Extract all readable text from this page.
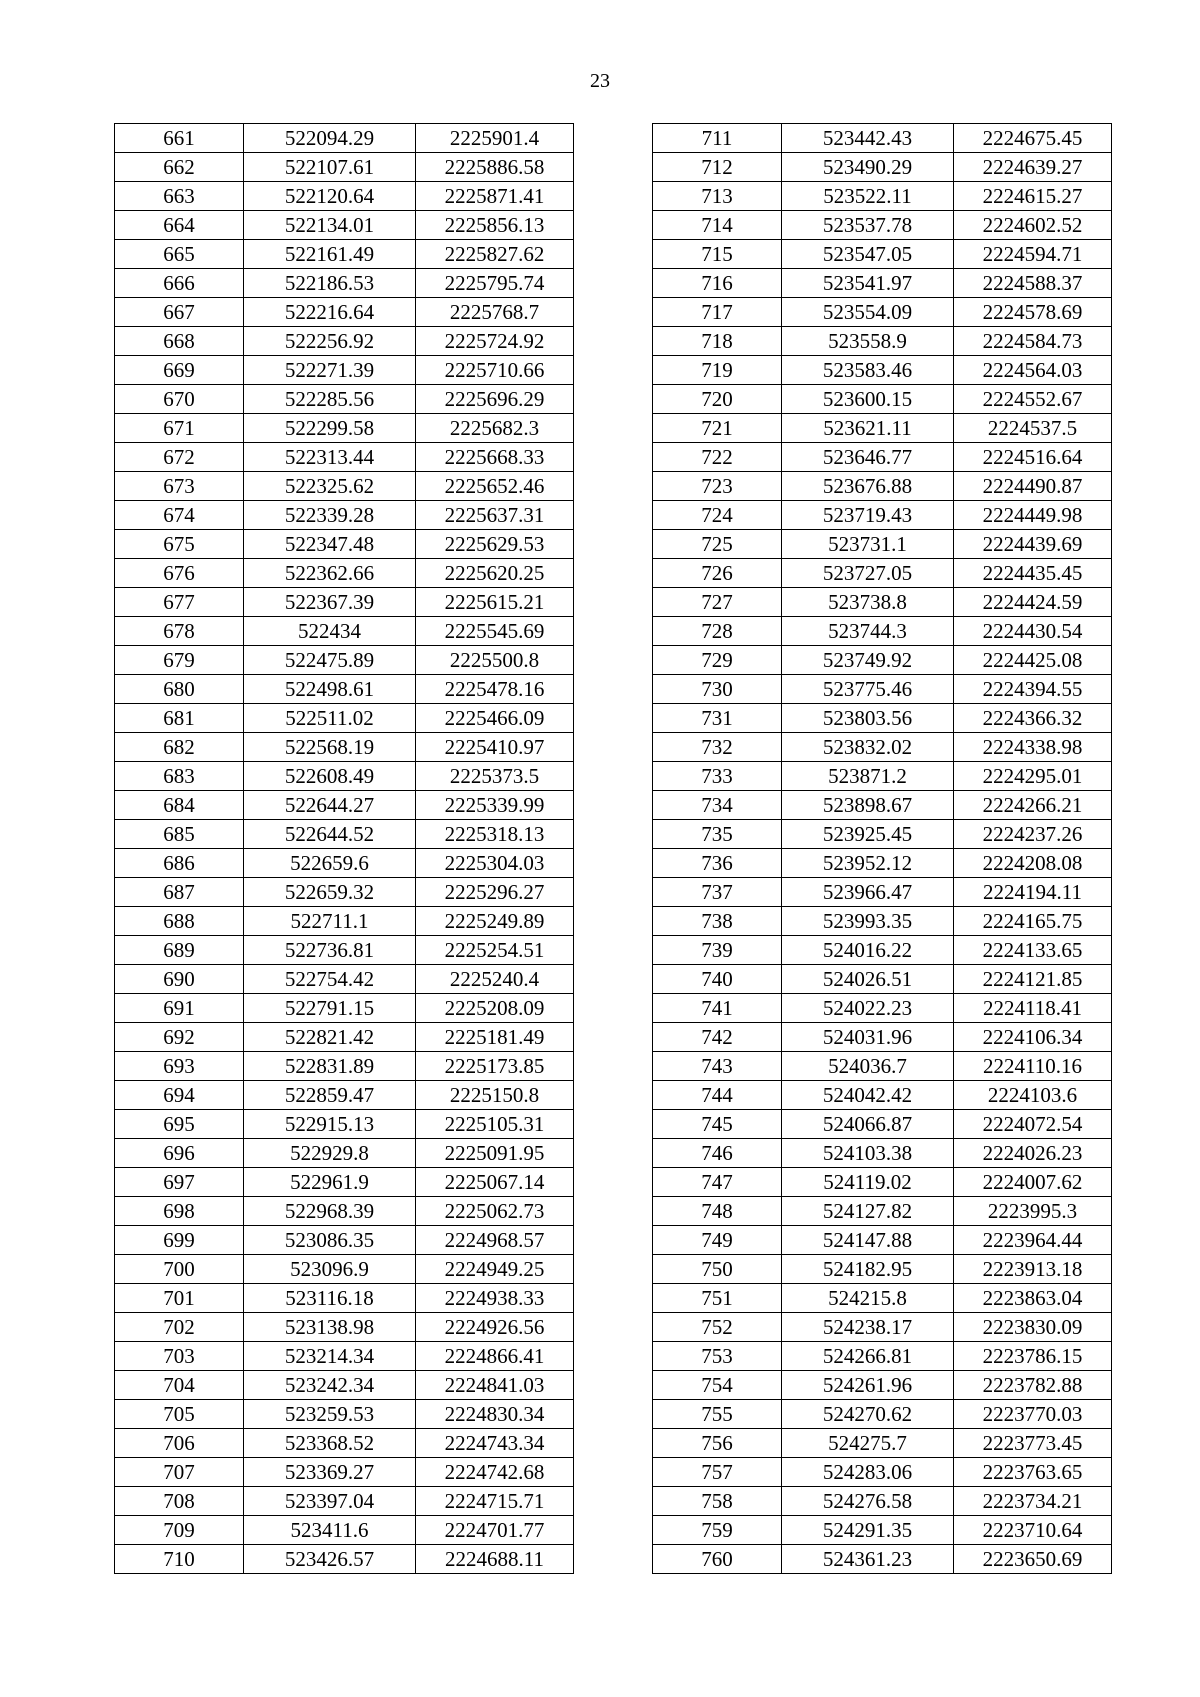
23
661	522094.29	2225901.4
662	522107.61	2225886.58
663	522120.64	2225871.41
664	522134.01	2225856.13
665	522161.49	2225827.62
666	522186.53	2225795.74
667	522216.64	2225768.7
668	522256.92	2225724.92
669	522271.39	2225710.66
670	522285.56	2225696.29
671	522299.58	2225682.3
672	522313.44	2225668.33
673	522325.62	2225652.46
674	522339.28	2225637.31
675	522347.48	2225629.53
676	522362.66	2225620.25
677	522367.39	2225615.21
678	522434	2225545.69
679	522475.89	2225500.8
680	522498.61	2225478.16
681	522511.02	2225466.09
682	522568.19	2225410.97
683	522608.49	2225373.5
684	522644.27	2225339.99
685	522644.52	2225318.13
686	522659.6	2225304.03
687	522659.32	2225296.27
688	522711.1	2225249.89
689	522736.81	2225254.51
690	522754.42	2225240.4
691	522791.15	2225208.09
692	522821.42	2225181.49
693	522831.89	2225173.85
694	522859.47	2225150.8
695	522915.13	2225105.31
696	522929.8	2225091.95
697	522961.9	2225067.14
698	522968.39	2225062.73
699	523086.35	2224968.57
700	523096.9	2224949.25
701	523116.18	2224938.33
702	523138.98	2224926.56
703	523214.34	2224866.41
704	523242.34	2224841.03
705	523259.53	2224830.34
706	523368.52	2224743.34
707	523369.27	2224742.68
708	523397.04	2224715.71
709	523411.6	2224701.77
710	523426.57	2224688.11
711	523442.43	2224675.45
712	523490.29	2224639.27
713	523522.11	2224615.27
714	523537.78	2224602.52
715	523547.05	2224594.71
716	523541.97	2224588.37
717	523554.09	2224578.69
718	523558.9	2224584.73
719	523583.46	2224564.03
720	523600.15	2224552.67
721	523621.11	2224537.5
722	523646.77	2224516.64
723	523676.88	2224490.87
724	523719.43	2224449.98
725	523731.1	2224439.69
726	523727.05	2224435.45
727	523738.8	2224424.59
728	523744.3	2224430.54
729	523749.92	2224425.08
730	523775.46	2224394.55
731	523803.56	2224366.32
732	523832.02	2224338.98
733	523871.2	2224295.01
734	523898.67	2224266.21
735	523925.45	2224237.26
736	523952.12	2224208.08
737	523966.47	2224194.11
738	523993.35	2224165.75
739	524016.22	2224133.65
740	524026.51	2224121.85
741	524022.23	2224118.41
742	524031.96	2224106.34
743	524036.7	2224110.16
744	524042.42	2224103.6
745	524066.87	2224072.54
746	524103.38	2224026.23
747	524119.02	2224007.62
748	524127.82	2223995.3
749	524147.88	2223964.44
750	524182.95	2223913.18
751	524215.8	2223863.04
752	524238.17	2223830.09
753	524266.81	2223786.15
754	524261.96	2223782.88
755	524270.62	2223770.03
756	524275.7	2223773.45
757	524283.06	2223763.65
758	524276.58	2223734.21
759	524291.35	2223710.64
760	524361.23	2223650.69
